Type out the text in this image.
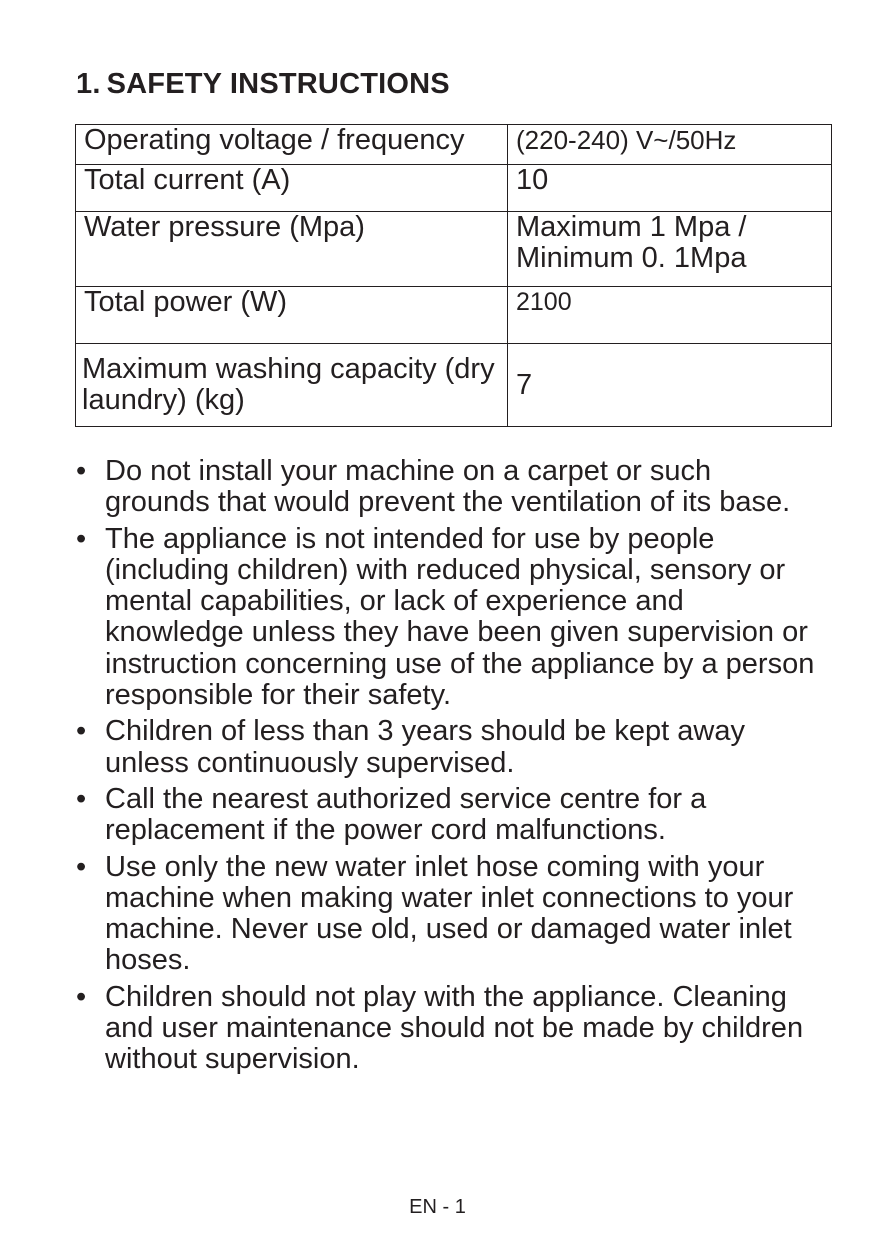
1. SAFETY INSTRUCTIONS
Operating voltage / frequency	(220-240) V~/50Hz
Total current (A)	10
Water pressure (Mpa)	Maximum 1 Mpa / Minimum 0. 1Mpa
Total power (W)	2100
Maximum washing capacity (dry laundry) (kg)	7
• Do not install your machine on a carpet or such grounds that would prevent the ventilation of its base.
• The appliance is not intended for use by people (including children) with reduced physical, sensory or mental capabilities, or lack of experience and knowledge unless they have been given supervision or instruction concerning use of the appliance by a person responsible for their safety.
• Children of less than 3 years should be kept away unless continuously supervised.
• Call the nearest authorized service centre for a replacement if the power cord malfunctions.
• Use only the new water inlet hose coming with your machine when making water inlet connections to your machine. Never use old, used or damaged water inlet hoses.
• Children should not play with the appliance. Cleaning and user maintenance should not be made by children without supervision.
EN - 1
